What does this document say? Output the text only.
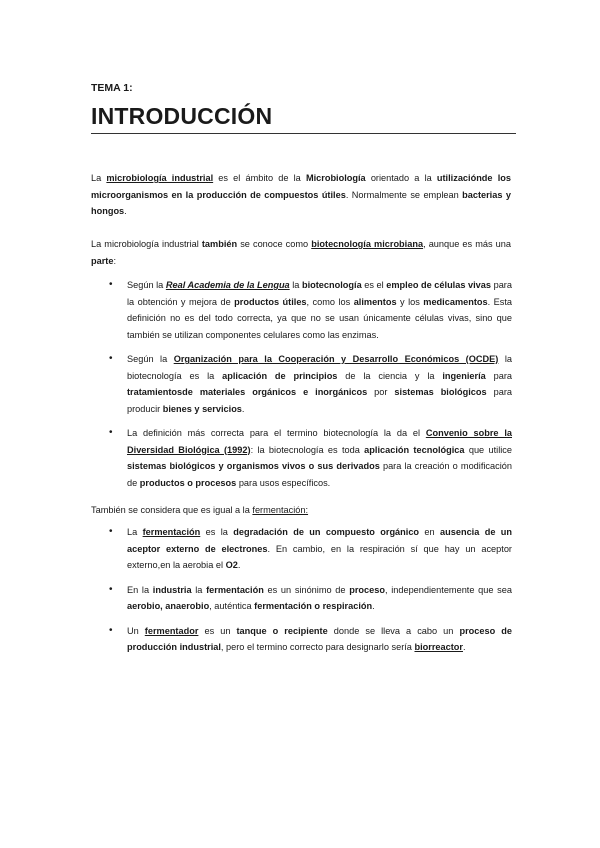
TEMA 1:
INTRODUCCIÓN

La microbiología industrial es el ámbito de la Microbiología orientado a la utilizaciónde los microorganismos en la producción de compuestos útiles. Normalmente se emplean bacterias y hongos.

La microbiología industrial también se conoce como biotecnología microbiana, aunque es más una parte:

• Según la Real Academia de la Lengua la biotecnología es el empleo de células vivas para la obtención y mejora de productos útiles, como los alimentos y los medicamentos. Esta definición no es del todo correcta, ya que no se usan únicamente células vivas, sino que también se utilizan componentes celulares como las enzimas.
• Según la Organización para la Cooperación y Desarrollo Económicos (OCDE) la biotecnología es la aplicación de principios de la ciencia y la ingeniería para tratamientosde materiales orgánicos e inorgánicos por sistemas biológicos para producir bienes y servicios.
• La definición más correcta para el termino biotecnología la da el Convenio sobre la Diversidad Biológica (1992): la biotecnología es toda aplicación tecnológica que utilice sistemas biológicos y organismos vivos o sus derivados para la creación o modificación de productos o procesos para usos específicos.

También se considera que es igual a la fermentación:

• La fermentación es la degradación de un compuesto orgánico en ausencia de un aceptor externo de electrones. En cambio, en la respiración sí que hay un aceptor externo,en la aerobia el O2.
• En la industria la fermentación es un sinónimo de proceso, independientemente que sea aerobio, anaerobio, auténtica fermentación o respiración.
• Un fermentador es un tanque o recipiente donde se lleva a cabo un proceso de producción industrial, pero el termino correcto para designarlo sería biorreactor.
